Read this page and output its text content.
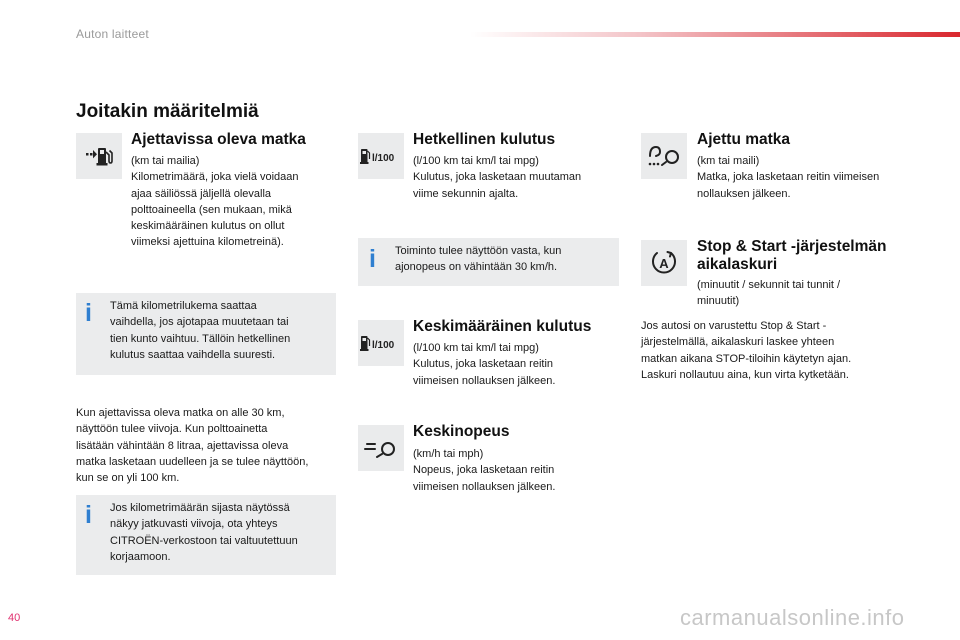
Auton laitteet
Joitakin määritelmiä
Ajettavissa oleva matka
(km tai mailia)
Kilometrimäärä, joka vielä voidaan
ajaa säiliössä jäljellä olevalla
polttoaineella (sen mukaan, mikä
keskimääräinen kulutus on ollut
viimeksi ajettuina kilometreinä).
i Tämä kilometrilukema saattaa
vaihdella, jos ajotapaa muutetaan tai
tien kunto vaihtuu. Tällöin hetkellinen
kulutus saattaa vaihdella suuresti.
Kun ajettavissa oleva matka on alle 30 km,
näyttöön tulee viivoja. Kun polttoainetta
lisätään vähintään 8 litraa, ajettavissa oleva
matka lasketaan uudelleen ja se tulee näyttöön,
kun se on yli 100 km.
i Jos kilometrimäärän sijasta näytössä
näkyy jatkuvasti viivoja, ota yhteys
CITROËN-verkostoon tai valtuutettuun
korjaamoon.
l/100
Hetkellinen kulutus
(l/100 km tai km/l tai mpg)
Kulutus, joka lasketaan muutaman
viime sekunnin ajalta.
i Toiminto tulee näyttöön vasta, kun
ajonopeus on vähintään 30 km/h.
l/100
Keskimääräinen kulutus
(l/100 km tai km/l tai mpg)
Kulutus, joka lasketaan reitin
viimeisen nollauksen jälkeen.
Keskinopeus
(km/h tai mph)
Nopeus, joka lasketaan reitin
viimeisen nollauksen jälkeen.
Ajettu matka
(km tai maili)
Matka, joka lasketaan reitin viimeisen
nollauksen jälkeen.
A
Stop & Start -järjestelmän aikalaskuri
(minuutit / sekunnit tai tunnit /
minuutit)
Jos autosi on varustettu Stop & Start -
järjestelmällä, aikalaskuri laskee yhteen
matkan aikana STOP-tiloihin käytetyn ajan.
Laskuri nollautuu aina, kun virta kytketään.
40	carmanualsonline.info
